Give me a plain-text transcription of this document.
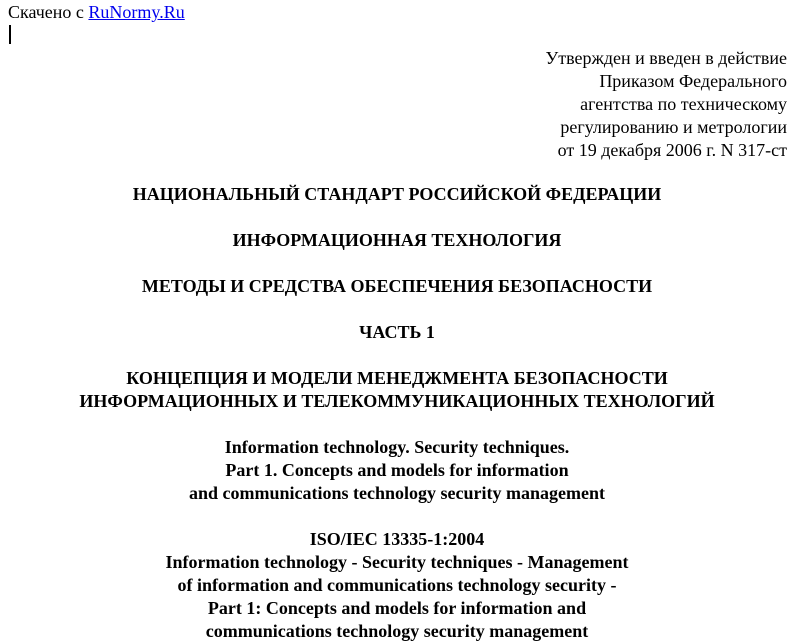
Скачено с RuNormy.Ru
Утвержден и введен в действие
Приказом Федерального
агентства по техническому
регулированию и метрологии
от 19 декабря 2006 г. N 317-ст
НАЦИОНАЛЬНЫЙ СТАНДАРТ РОССИЙСКОЙ ФЕДЕРАЦИИ
ИНФОРМАЦИОННАЯ ТЕХНОЛОГИЯ
МЕТОДЫ И СРЕДСТВА ОБЕСПЕЧЕНИЯ БЕЗОПАСНОСТИ
ЧАСТЬ 1
КОНЦЕПЦИЯ И МОДЕЛИ МЕНЕДЖМЕНТА БЕЗОПАСНОСТИ
ИНФОРМАЦИОННЫХ И ТЕЛЕКОММУНИКАЦИОННЫХ ТЕХНОЛОГИЙ
Information technology. Security techniques.
Part 1. Concepts and models for information
and communications technology security management
ISO/IEC 13335-1:2004
Information technology - Security techniques - Management
of information and communications technology security -
Part 1: Concepts and models for information and
communications technology security management
